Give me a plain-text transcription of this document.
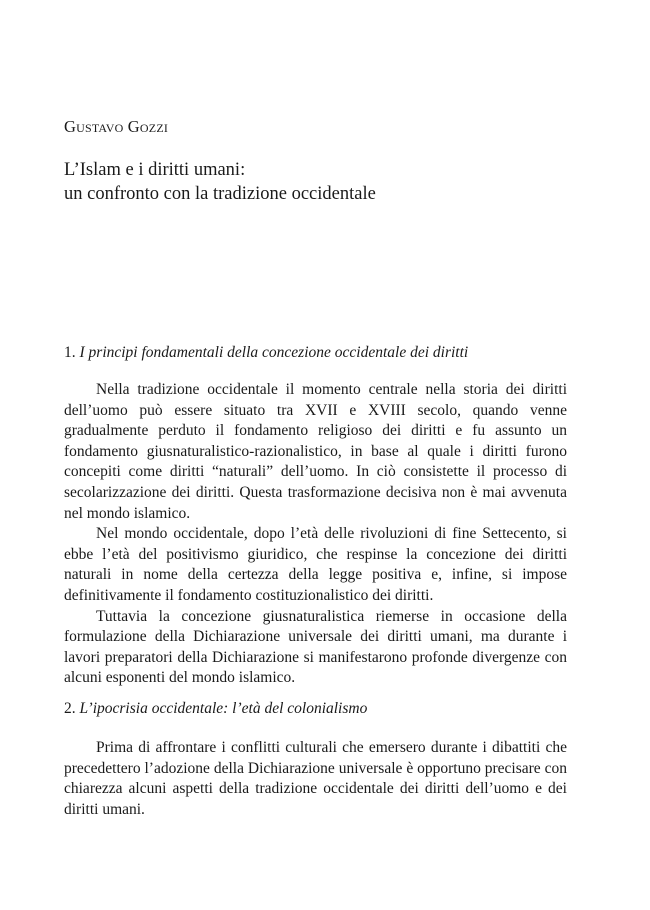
Gustavo Gozzi
L’Islam e i diritti umani:
un confronto con la tradizione occidentale
1. I principi fondamentali della concezione occidentale dei diritti

Nella tradizione occidentale il momento centrale nella storia dei diritti dell’uomo può essere situato tra XVII e XVIII secolo, quando venne gradualmente perduto il fondamento religioso dei diritti e fu assunto un fondamento giusnaturalistico-razionalistico, in base al quale i diritti furono concepiti come diritti “naturali” dell’uomo. In ciò consistette il processo di secolarizzazione dei diritti. Questa trasformazione decisiva non è mai avvenuta nel mondo islamico.

Nel mondo occidentale, dopo l’età delle rivoluzioni di fine Settecento, si ebbe l’età del positivismo giuridico, che respinse la concezione dei diritti naturali in nome della certezza della legge positiva e, infine, si impose definitivamente il fondamento costituzionalistico dei diritti.

Tuttavia la concezione giusnaturalistica riemerse in occasione della formulazione della Dichiarazione universale dei diritti umani, ma durante i lavori preparatori della Dichiarazione si manifestarono profonde divergenze con alcuni esponenti del mondo islamico.

2. L’ipocrisia occidentale: l’età del colonialismo

Prima di affrontare i conflitti culturali che emersero durante i dibattiti che precedettero l’adozione della Dichiarazione universale è opportuno precisare con chiarezza alcuni aspetti della tradizione occidentale dei diritti dell’uomo e dei diritti umani.
